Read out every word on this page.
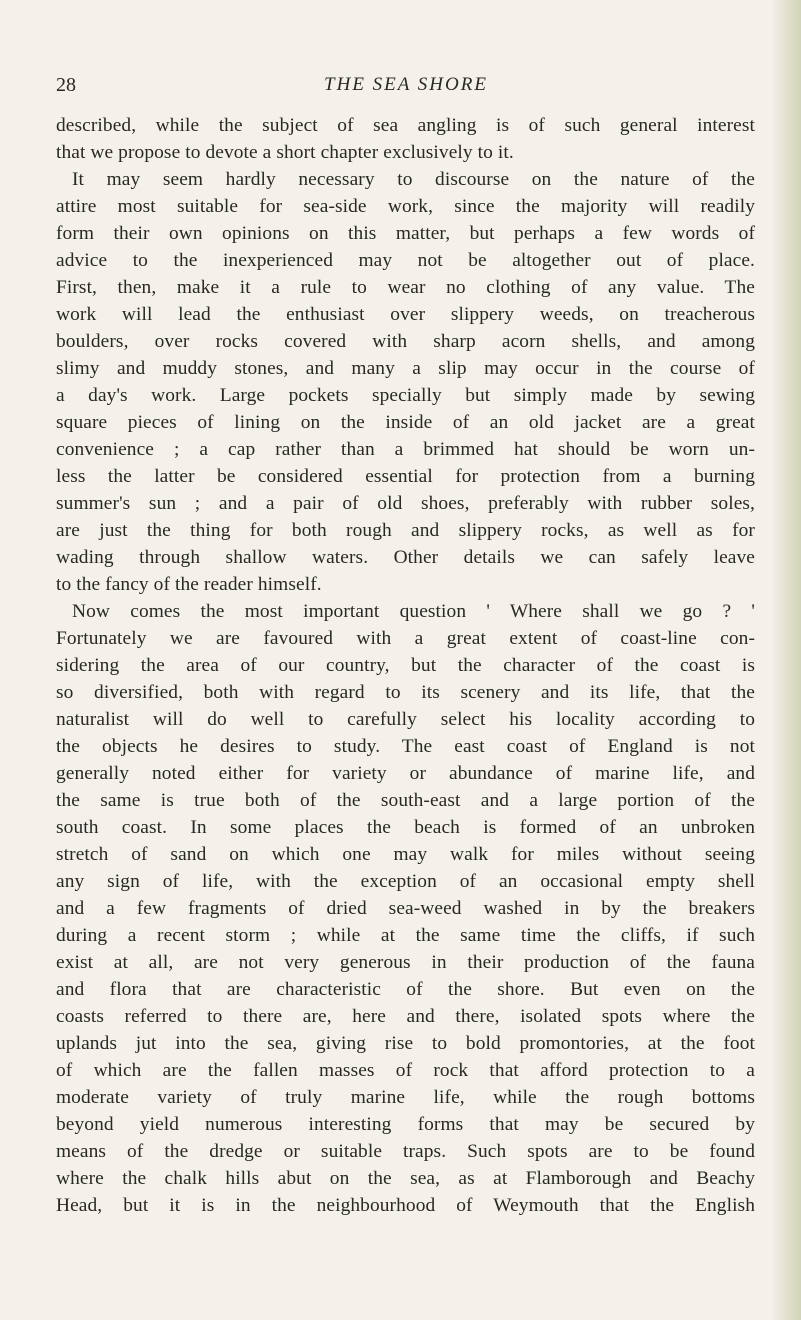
28	THE SEA SHORE
described, while the subject of sea angling is of such general interest
that we propose to devote a short chapter exclusively to it.
It may seem hardly necessary to discourse on the nature of the
attire most suitable for sea-side work, since the majority will readily
form their own opinions on this matter, but perhaps a few words of
advice to the inexperienced may not be altogether out of place.
First, then, make it a rule to wear no clothing of any value. The
work will lead the enthusiast over slippery weeds, on treacherous
boulders, over rocks covered with sharp acorn shells, and among
slimy and muddy stones, and many a slip may occur in the course of
a day's work. Large pockets specially but simply made by sewing
square pieces of lining on the inside of an old jacket are a great
convenience ; a cap rather than a brimmed hat should be worn un-
less the latter be considered essential for protection from a burning
summer's sun ; and a pair of old shoes, preferably with rubber soles,
are just the thing for both rough and slippery rocks, as well as for
wading through shallow waters. Other details we can safely leave
to the fancy of the reader himself.
Now comes the most important question ' Where shall we go ? '
Fortunately we are favoured with a great extent of coast-line con-
sidering the area of our country, but the character of the coast is
so diversified, both with regard to its scenery and its life, that the
naturalist will do well to carefully select his locality according to
the objects he desires to study. The east coast of England is not
generally noted either for variety or abundance of marine life, and
the same is true both of the south-east and a large portion of the
south coast. In some places the beach is formed of an unbroken
stretch of sand on which one may walk for miles without seeing
any sign of life, with the exception of an occasional empty shell
and a few fragments of dried sea-weed washed in by the breakers
during a recent storm ; while at the same time the cliffs, if such
exist at all, are not very generous in their production of the fauna
and flora that are characteristic of the shore. But even on the
coasts referred to there are, here and there, isolated spots where the
uplands jut into the sea, giving rise to bold promontories, at the foot
of which are the fallen masses of rock that afford protection to a
moderate variety of truly marine life, while the rough bottoms
beyond yield numerous interesting forms that may be secured by
means of the dredge or suitable traps. Such spots are to be found
where the chalk hills abut on the sea, as at Flamborough and Beachy
Head, but it is in the neighbourhood of Weymouth that the English
